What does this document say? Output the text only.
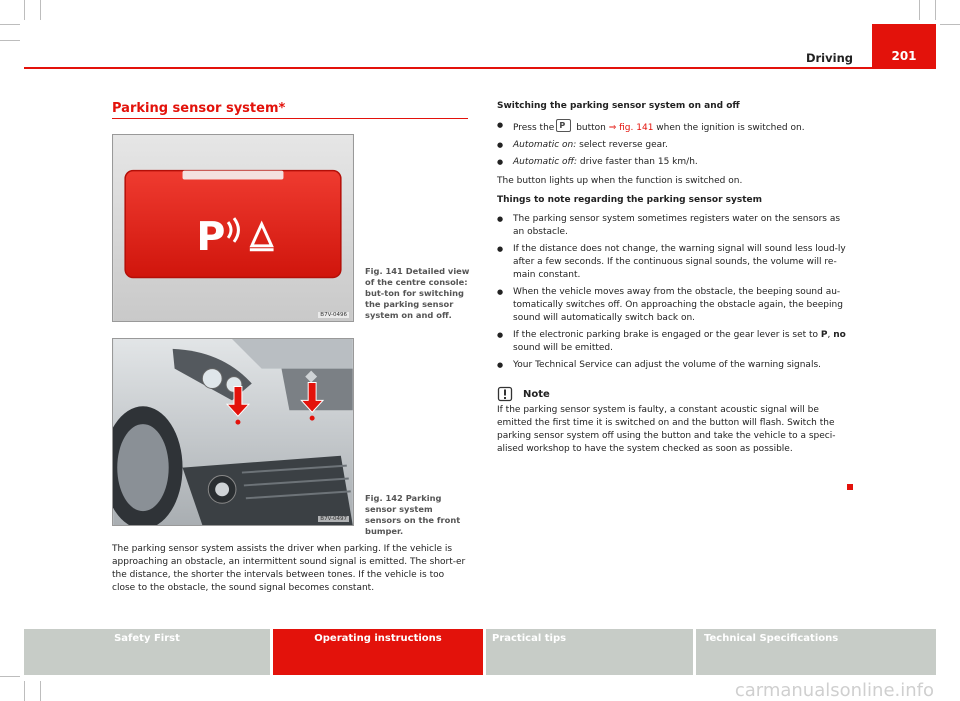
Driving	201
Parking sensor system*
P
B7V-0496
Fig. 141 Detailed view of the centre console: but-ton for switching the parking sensor system on and off.
B7V-0497
Fig. 142 Parking sensor system sensors on the front bumper.
The parking sensor system assists the driver when parking. If the vehicle is approaching an obstacle, an intermittent sound signal is emitted. The short-er the distance, the shorter the intervals between tones. If the vehicle is too close to the obstacle, the sound signal becomes constant.

Switching the parking sensor system on and off

● Press theP button ⇒ fig. 141 when the ignition is switched on.

● Automatic on: select reverse gear.

● Automatic off: drive faster than 15 km/h.

The button lights up when the function is switched on.

Things to note regarding the parking sensor system

● The parking sensor system sometimes registers water on the sensors as an obstacle.

● If the distance does not change, the warning signal will sound less loud-ly after a few seconds. If the continuous signal sounds, the volume will re-main constant.

● When the vehicle moves away from the obstacle, the beeping sound au-tomatically switches off. On approaching the obstacle again, the beeping sound will automatically switch back on.

● If the electronic parking brake is engaged or the gear lever is set to P, no sound will be emitted.

● Your Technical Service can adjust the volume of the warning signals.

Note

If the parking sensor system is faulty, a constant acoustic signal will be emitted the first time it is switched on and the button will flash. Switch the parking sensor system off using the button and take the vehicle to a speci-alised workshop to have the system checked as soon as possible.

Safety First	Operating instructions	Practical tips	Technical Specifications
carmanualsonline.info
